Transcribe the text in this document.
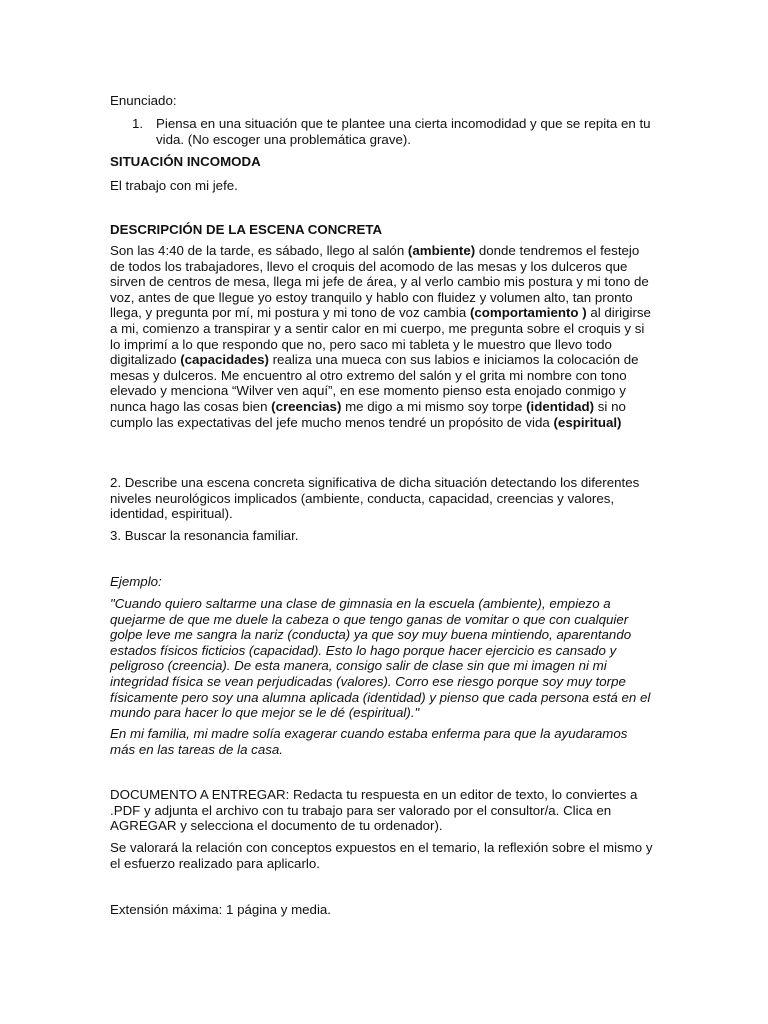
Enunciado:

1. Piensa en una situación que te plantee una cierta incomodidad y que se repita en tu vida. (No escoger una problemática grave).

SITUACIÓN INCOMODA

El trabajo con mi jefe.

DESCRIPCIÓN DE LA ESCENA CONCRETA

Son las 4:40 de la tarde, es sábado, llego al salón (ambiente) donde tendremos el festejo de todos los trabajadores, llevo el croquis del acomodo de las mesas y los dulceros que sirven de centros de mesa, llega mi jefe de área, y al verlo cambio mis postura y mi tono de voz, antes de que llegue yo estoy tranquilo y hablo con fluidez y volumen alto, tan pronto llega, y pregunta por mí, mi postura y mi tono de voz cambia (comportamiento ) al dirigirse a mi, comienzo a transpirar y a sentir calor en mi cuerpo, me pregunta sobre el croquis y si lo imprimí a lo que respondo que no, pero saco mi tableta y le muestro que llevo todo digitalizado (capacidades) realiza una mueca con sus labios e iniciamos la colocación de mesas y dulceros. Me encuentro al otro extremo del salón y el grita mi nombre con tono elevado y menciona “Wilver ven aquí”, en ese momento pienso esta enojado conmigo y nunca hago las cosas bien (creencias) me digo a mi mismo soy torpe (identidad) si no cumplo las expectativas del jefe mucho menos tendré un propósito de vida (espiritual)

2. Describe una escena concreta significativa de dicha situación detectando los diferentes niveles neurológicos implicados (ambiente, conducta, capacidad, creencias y valores, identidad, espiritual).

3. Buscar la resonancia familiar.

Ejemplo:

"Cuando quiero saltarme una clase de gimnasia en la escuela (ambiente), empiezo a quejarme de que me duele la cabeza o que tengo ganas de vomitar o que con cualquier golpe leve me sangra la nariz (conducta) ya que soy muy buena mintiendo, aparentando estados físicos ficticios (capacidad). Esto lo hago porque hacer ejercicio es cansado y peligroso (creencia). De esta manera, consigo salir de clase sin que mi imagen ni mi integridad física se vean perjudicadas (valores). Corro ese riesgo porque soy muy torpe físicamente pero soy una alumna aplicada (identidad) y pienso que cada persona está en el mundo para hacer lo que mejor se le dé (espiritual)."

En mi familia, mi madre solía exagerar cuando estaba enferma para que la ayudaramos más en las tareas de la casa.

DOCUMENTO A ENTREGAR: Redacta tu respuesta en un editor de texto, lo conviertes a .PDF y adjunta el archivo con tu trabajo para ser valorado por el consultor/a. Clica en AGREGAR y selecciona el documento de tu ordenador).

Se valorará la relación con conceptos expuestos en el temario, la reflexión sobre el mismo y el esfuerzo realizado para aplicarlo.

Extensión máxima: 1 página y media.
